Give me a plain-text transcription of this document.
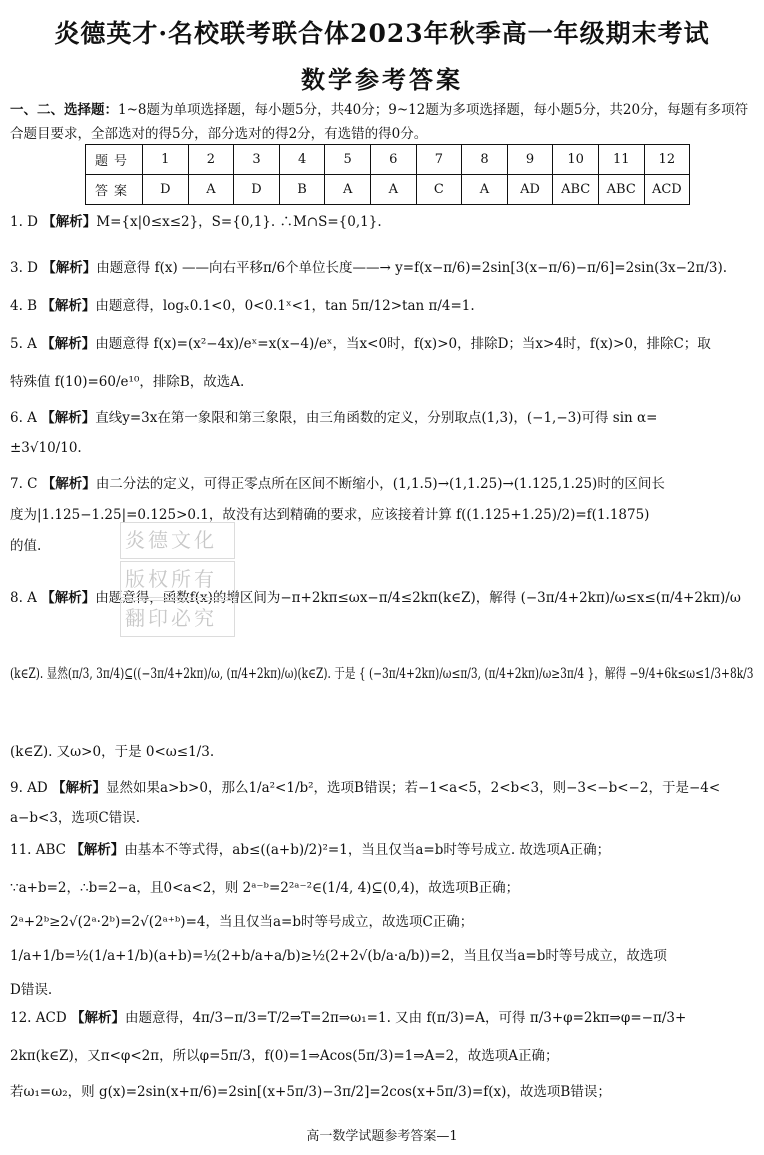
炎德英才·名校联考联合体2023年秋季高一年级期末考试
数学参考答案
一、二、选择题：1~8题为单项选择题，每小题5分，共40分；9~12题为多项选择题，每小题5分，共20分，每题有多项符合题目要求，全部选对的得5分，部分选对的得2分，有选错的得0分。
题号	1	2	3	4	5	6	7	8	9	10	11	12
答案	D	A	D	B	A	A	C	A	AD	ABC	ABC	ACD
1. D 【解析】M={x|0≤x≤2}，S={0,1}. ∴M∩S={0,1}.
3. D 【解析】由题意得 f(x) ——向右平移π/6个单位长度——→ y=f(x−π/6)=2sin[3(x−π/6)−π/6]=2sin(3x−2π/3).
4. B 【解析】由题意得，logₓ0.1<0，0<0.1ˣ<1，tan 5π/12>tan π/4=1.
5. A 【解析】由题意得 f(x)=(x²−4x)/eˣ=x(x−4)/eˣ，当x<0时，f(x)>0，排除D；当x>4时，f(x)>0，排除C；取
特殊值 f(10)=60/e¹⁰，排除B，故选A.
6. A 【解析】直线y=3x在第一象限和第三象限，由三角函数的定义，分别取点(1,3)，(−1,−3)可得 sin α=
±3√10/10.
7. C 【解析】由二分法的定义，可得正零点所在区间不断缩小，(1,1.5)→(1,1.25)→(1.125,1.25)时的区间长
度为|1.125−1.25|=0.125>0.1，故没有达到精确的要求，应该接着计算 f((1.125+1.25)/2)=f(1.1875)
的值.
8. A 【解析】由题意得，函数f(x)的增区间为−π+2kπ≤ωx−π/4≤2kπ(k∈Z)，解得 (−3π/4+2kπ)/ω≤x≤(π/4+2kπ)/ω
(k∈Z). 显然(π/3, 3π/4)⊆((−3π/4+2kπ)/ω, (π/4+2kπ)/ω)(k∈Z). 于是 { (−3π/4+2kπ)/ω≤π/3, (π/4+2kπ)/ω≥3π/4 }，解得 −9/4+6k≤ω≤1/3+8k/3
(k∈Z). 又ω>0，于是 0<ω≤1/3.
9. AD 【解析】显然如果a>b>0，那么1/a²<1/b²，选项B错误；若−1<a<5，2<b<3，则−3<−b<−2，于是−4<
a−b<3，选项C错误.
11. ABC 【解析】由基本不等式得，ab≤((a+b)/2)²=1，当且仅当a=b时等号成立. 故选项A正确；
∵a+b=2，∴b=2−a，且0<a<2，则 2ᵃ⁻ᵇ=2²ᵃ⁻²∈(1/4, 4)⊆(0,4)，故选项B正确；
2ᵃ+2ᵇ≥2√(2ᵃ·2ᵇ)=2√(2ᵃ⁺ᵇ)=4，当且仅当a=b时等号成立，故选项C正确；
1/a+1/b=½(1/a+1/b)(a+b)=½(2+b/a+a/b)≥½(2+2√(b/a·a/b))=2，当且仅当a=b时等号成立，故选项
D错误.
12. ACD 【解析】由题意得，4π/3−π/3=T/2⇒T=2π⇒ω₁=1. 又由 f(π/3)=A，可得 π/3+φ=2kπ⇒φ=−π/3+
2kπ(k∈Z)，又π<φ<2π，所以φ=5π/3，f(0)=1⇒Acos(5π/3)=1⇒A=2，故选项A正确；
若ω₁=ω₂，则 g(x)=2sin(x+π/6)=2sin[(x+5π/3)−3π/2]=2cos(x+5π/3)=f(x)，故选项B错误；
炎德文化
版权所有
翻印必究
高一数学试题参考答案—1
